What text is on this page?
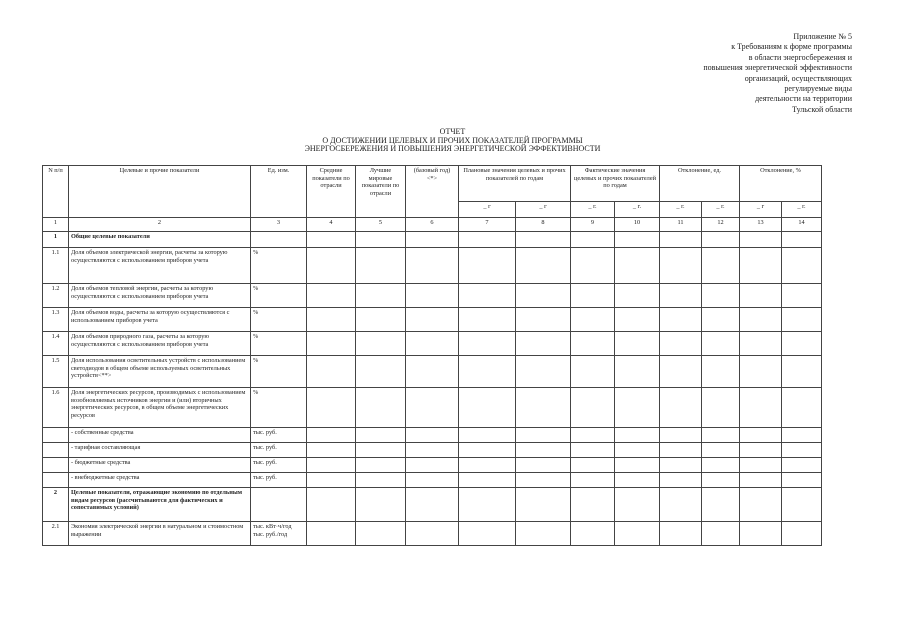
Приложение № 5
к Требованиям к форме программы
в области энергосбережения и
повышения энергетической эффективности
организаций, осуществляющих
регулируемые виды
деятельности на территории
Тульской области
ОТЧЕТ
О ДОСТИЖЕНИИ ЦЕЛЕВЫХ И ПРОЧИХ ПОКАЗАТЕЛЕЙ ПРОГРАММЫ
ЭНЕРГОСБЕРЕЖЕНИЯ И ПОВЫШЕНИЯ ЭНЕРГЕТИЧЕСКОЙ ЭФФЕКТИВНОСТИ
N п/п	Целевые и прочие показатели	Ед. изм.	Средние показатели по отрасли	Лучшие мировые показатели по отрасли	(базовый год) <*>	Плановые значения целевых и прочих показателей по годам		Фактические значения целевых и прочих показателей по годам		Отклонение, ед.		Отклонение, %	
						_ г	_ г	_ г.	_ г.	_ г.	_ г.	_ г	_ г.
1	2	3	4	5	6	7	8	9	10	11	12	13	14
1	Общие целевые показатели												
1.1	Доля объемов электрической энергии, расчеты за которую осуществляются с использованием приборов учета	%											
1.2	Доля объемов тепловой энергии, расчеты за которую осуществляются с использованием приборов учета	%											
1.3	Доля объемов воды, расчеты за которую осуществляются с использованием приборов учета	%											
1.4	Доля объемов природного газа, расчеты за которую осуществляются с использованием приборов учета	%											
1.5	Доля использования осветительных устройств с использованием светодиодов в общем объеме используемых осветительных устройств<**>	%											
1.6	Доля энергетических ресурсов, производимых с использованием возобновляемых источников энергии и (или) вторичных энергетических ресурсов, в общем объеме энергетических ресурсов	%											
	- собственные средства	тыс. руб.											
	- тарифная составляющая	тыс. руб.											
	- бюджетные средства	тыс. руб.											
	- внебюджетные средства	тыс. руб.											
2	Целевые показатели, отражающие экономию по отдельным видам ресурсов (рассчитываются для фактических и сопоставимых условий)												
2.1	Экономия электрической энергии в натуральном и стоимостном выражении	тыс. кВт·ч/год тыс. руб./год											
